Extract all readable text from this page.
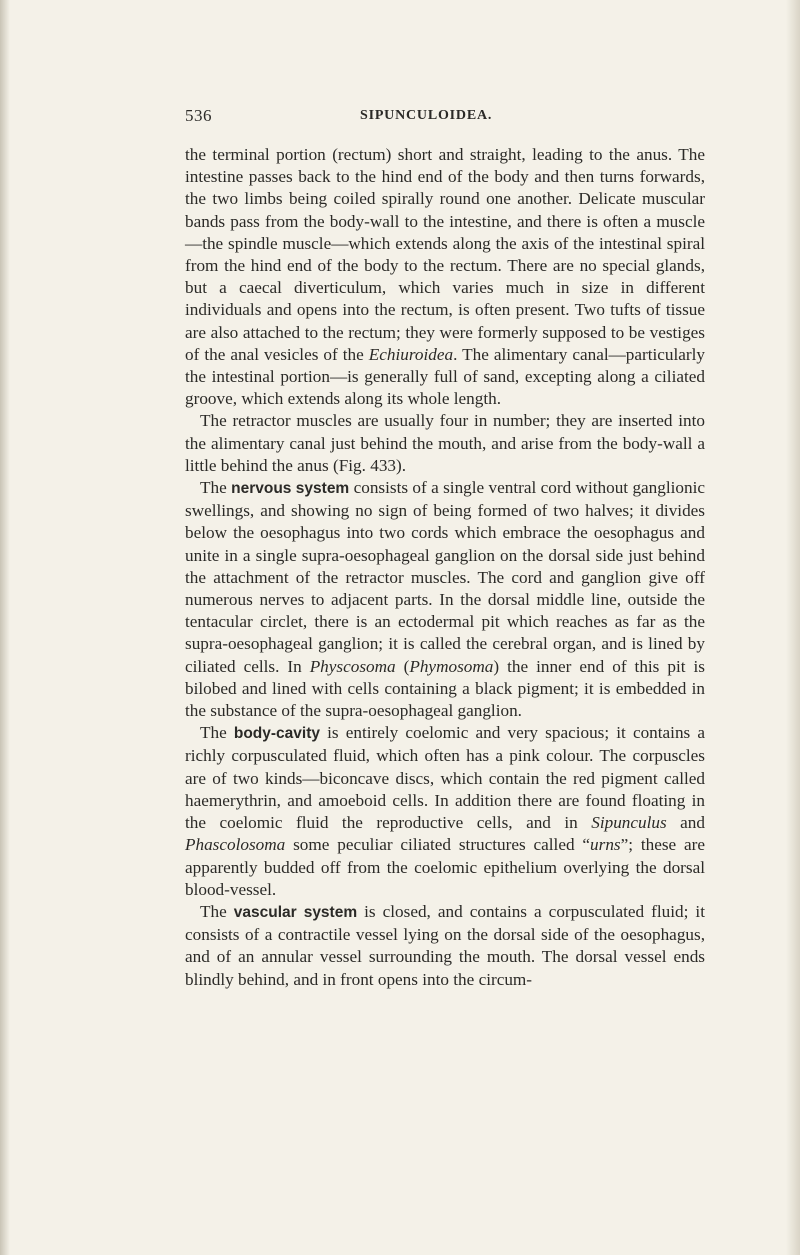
536	SIPUNCULOIDEA.

the terminal portion (rectum) short and straight, leading to the anus. The intestine passes back to the hind end of the body and then turns forwards, the two limbs being coiled spirally round one another. Delicate muscular bands pass from the body-wall to the intestine, and there is often a muscle—the spindle muscle—which extends along the axis of the intestinal spiral from the hind end of the body to the rectum. There are no special glands, but a caecal diverticulum, which varies much in size in different individuals and opens into the rectum, is often present. Two tufts of tissue are also attached to the rectum; they were formerly supposed to be vestiges of the anal vesicles of the Echiuroidea. The alimentary canal—particularly the intestinal portion—is generally full of sand, excepting along a ciliated groove, which extends along its whole length.

The retractor muscles are usually four in number; they are inserted into the alimentary canal just behind the mouth, and arise from the body-wall a little behind the anus (Fig. 433).

The nervous system consists of a single ventral cord without ganglionic swellings, and showing no sign of being formed of two halves; it divides below the oesophagus into two cords which embrace the oesophagus and unite in a single supra-oesophageal ganglion on the dorsal side just behind the attachment of the retractor muscles. The cord and ganglion give off numerous nerves to adjacent parts. In the dorsal middle line, outside the tentacular circlet, there is an ectodermal pit which reaches as far as the supra-oesophageal ganglion; it is called the cerebral organ, and is lined by ciliated cells. In Physcosoma (Phymosoma) the inner end of this pit is bilobed and lined with cells containing a black pigment; it is embedded in the substance of the supra-oesophageal ganglion.

The body-cavity is entirely coelomic and very spacious; it contains a richly corpusculated fluid, which often has a pink colour. The corpuscles are of two kinds—biconcave discs, which contain the red pigment called haemerythrin, and amoeboid cells. In addition there are found floating in the coelomic fluid the reproductive cells, and in Sipunculus and Phascolosoma some peculiar ciliated structures called “urns”; these are apparently budded off from the coelomic epithelium overlying the dorsal blood-vessel.

The vascular system is closed, and contains a corpusculated fluid; it consists of a contractile vessel lying on the dorsal side of the oesophagus, and of an annular vessel surrounding the mouth. The dorsal vessel ends blindly behind, and in front opens into the circum-
